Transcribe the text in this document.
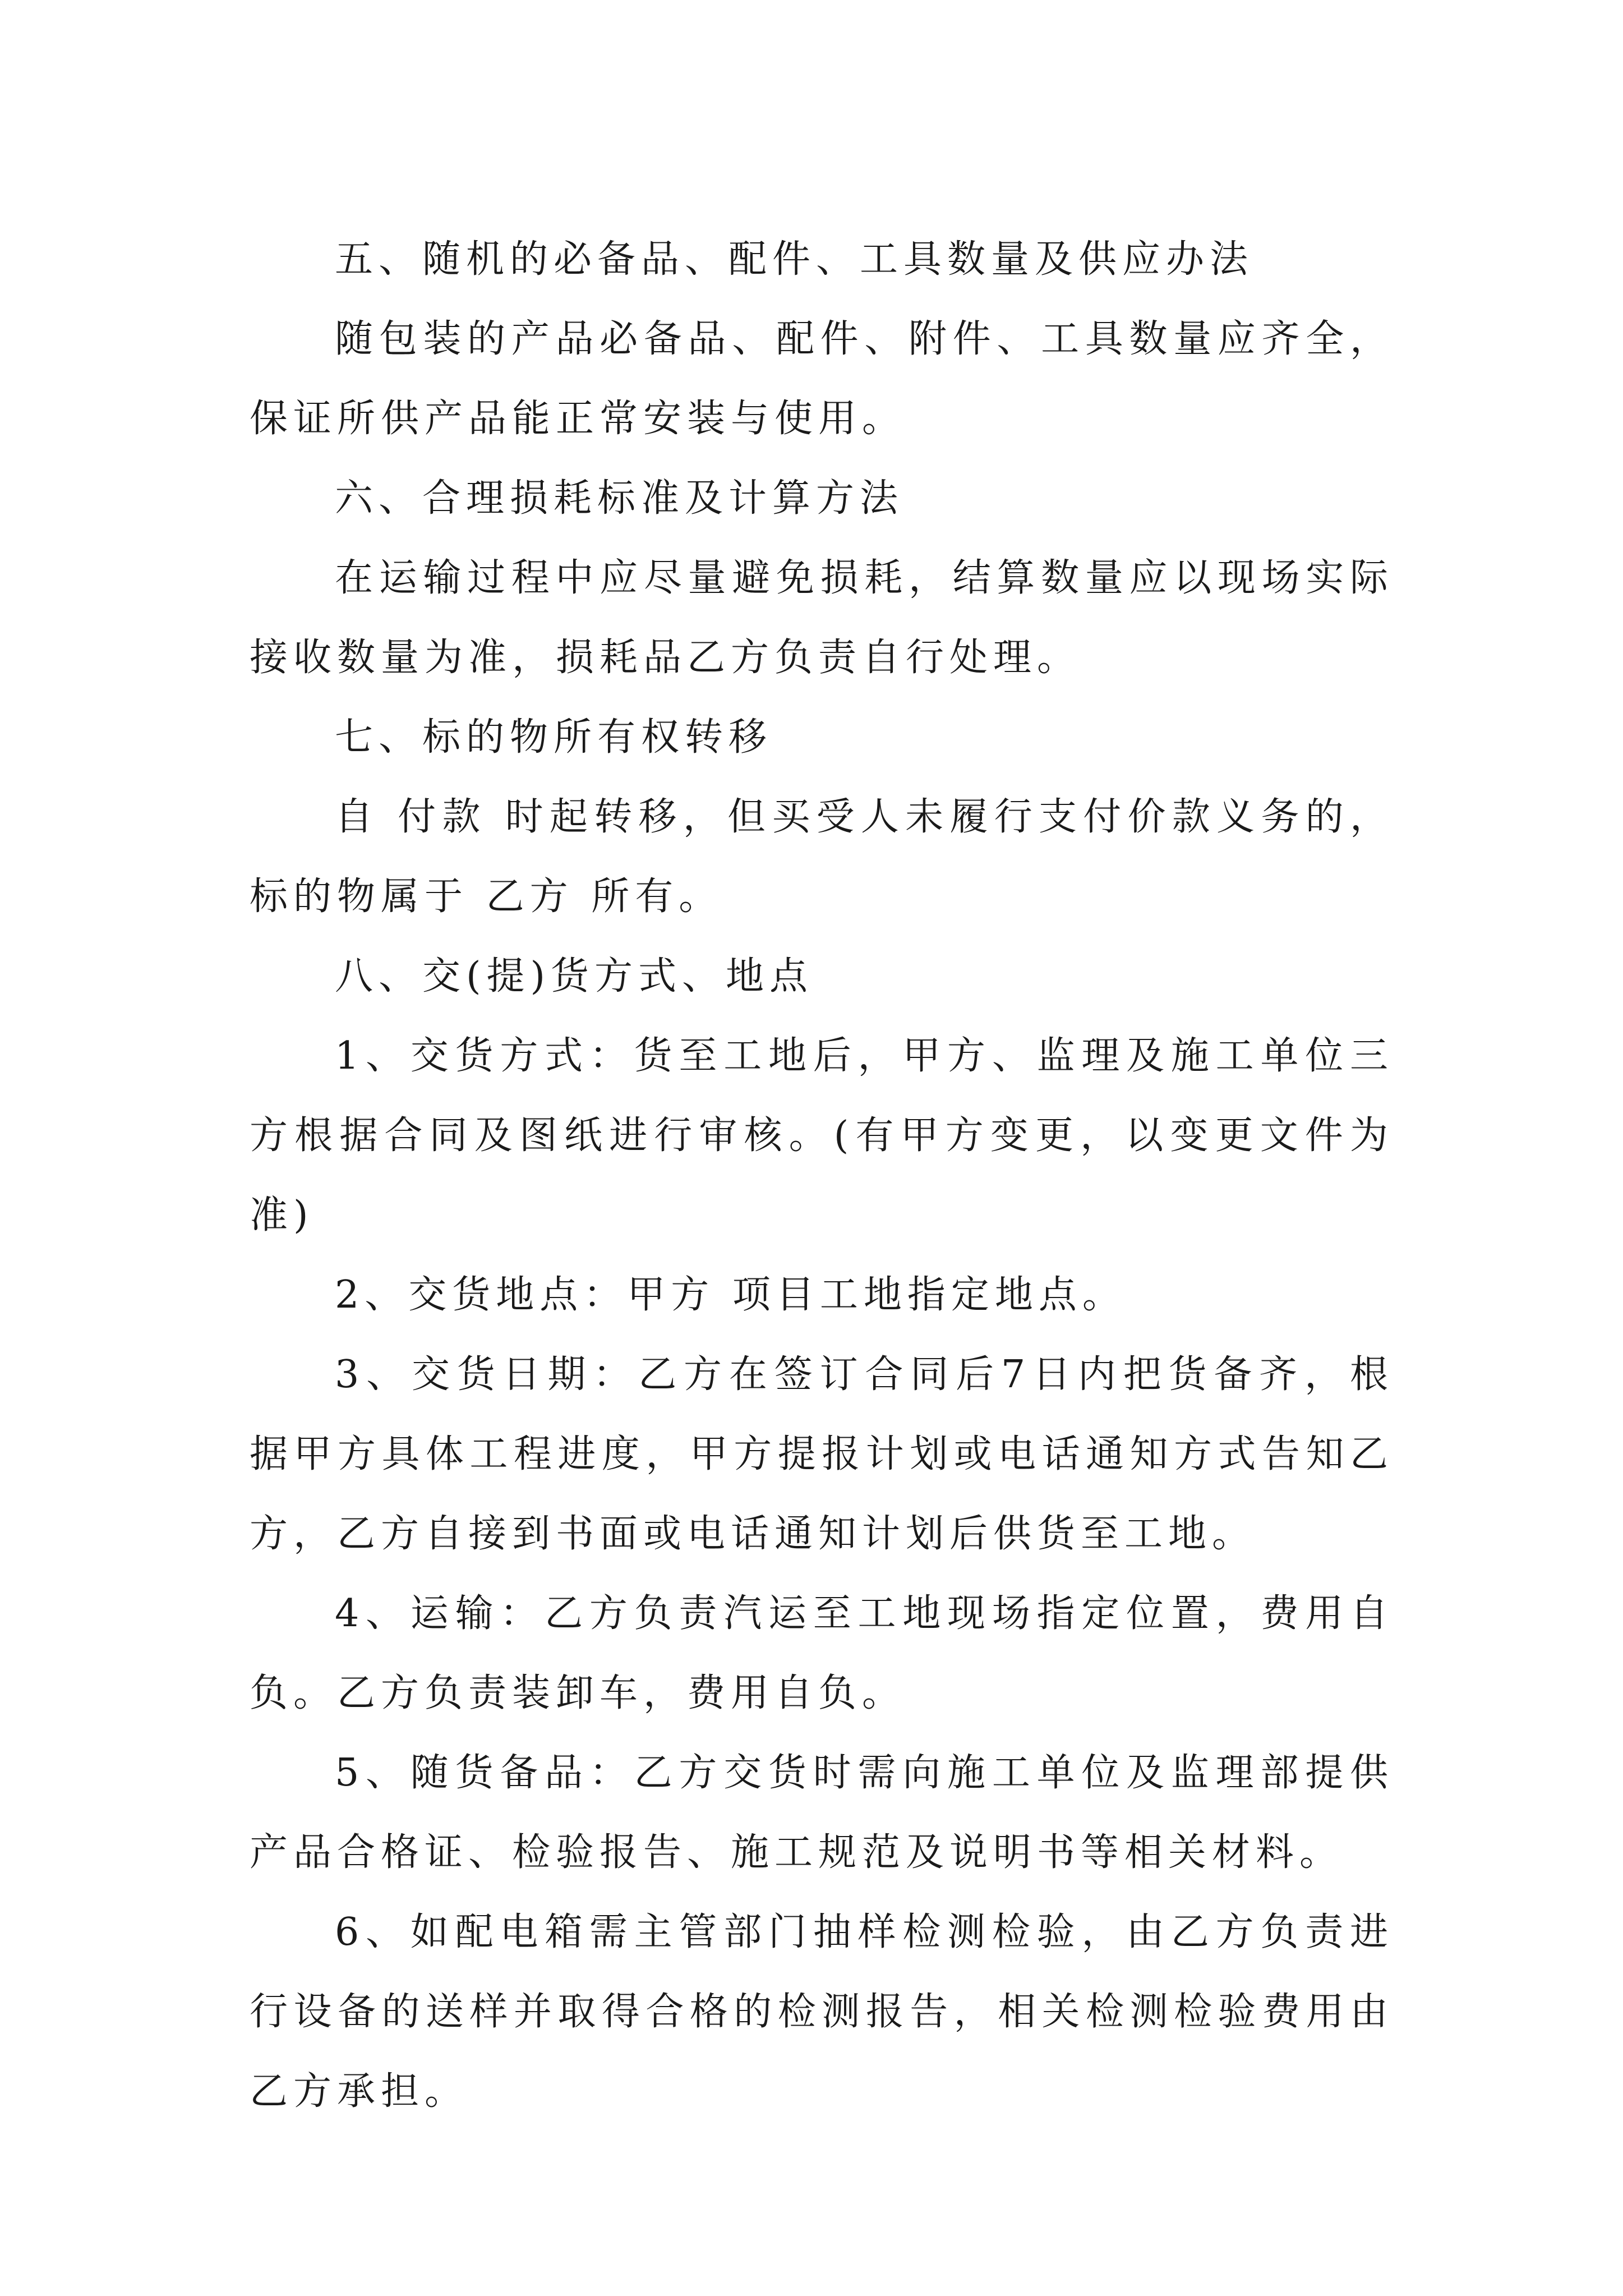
五、随机的必备品、配件、工具数量及供应办法

随包装的产品必备品、配件、附件、工具数量应齐全，保证所供产品能正常安装与使用。

六、合理损耗标准及计算方法

在运输过程中应尽量避免损耗，结算数量应以现场实际接收数量为准，损耗品乙方负责自行处理。

七、标的物所有权转移

自 付款 时起转移，但买受人未履行支付价款义务的，标的物属于 乙方 所有。

八、交(提)货方式、地点

1、交货方式：货至工地后，甲方、监理及施工单位三方根据合同及图纸进行审核。(有甲方变更，以变更文件为准)

2、交货地点：甲方 项目工地指定地点。

3、交货日期：乙方在签订合同后7日内把货备齐，根据甲方具体工程进度，甲方提报计划或电话通知方式告知乙方，乙方自接到书面或电话通知计划后供货至工地。

4、运输：乙方负责汽运至工地现场指定位置，费用自负。乙方负责装卸车，费用自负。

5、随货备品：乙方交货时需向施工单位及监理部提供产品合格证、检验报告、施工规范及说明书等相关材料。

6、如配电箱需主管部门抽样检测检验，由乙方负责进行设备的送样并取得合格的检测报告，相关检测检验费用由乙方承担。
